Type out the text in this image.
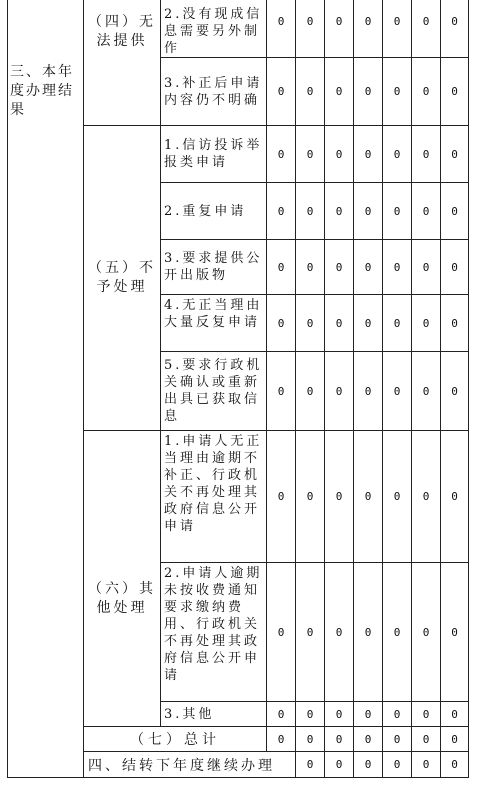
三、本年度办理结果	（四）无法提供	2.没有现成信息需要另外制作	0	0	0	0	0	0	0	

		3.补正后申请内容仍不明确	0	0	0	0	0	0	0	
	（五）不予处理	1.信访投诉举报类申请	0	0	0	0	0	0	0	

		2.重复申请	0	0	0	0	0	0	0	

		3.要求提供公开出版物	0	0	0	0	0	0	0	

		4.无正当理由大量反复申请	0	0	0	0	0	0	0	

		5.要求行政机关确认或重新出具已获取信息	0	0	0	0	0	0	0	
	（六）其他处理	1.申请人无正当理由逾期不补正、行政机关不再处理其政府信息公开申请	0	0	0	0	0	0	0	

		2.申请人逾期未按收费通知要求缴纳费用、行政机关不再处理其政府信息公开申请	0	0	0	0	0	0	0	

		3.其他	0	0	0	0	0	0	0	
	（七）总计		0	0	0	0	0	0	0	
	四、结转下年度继续办理			0	0	0	0	0	0	
